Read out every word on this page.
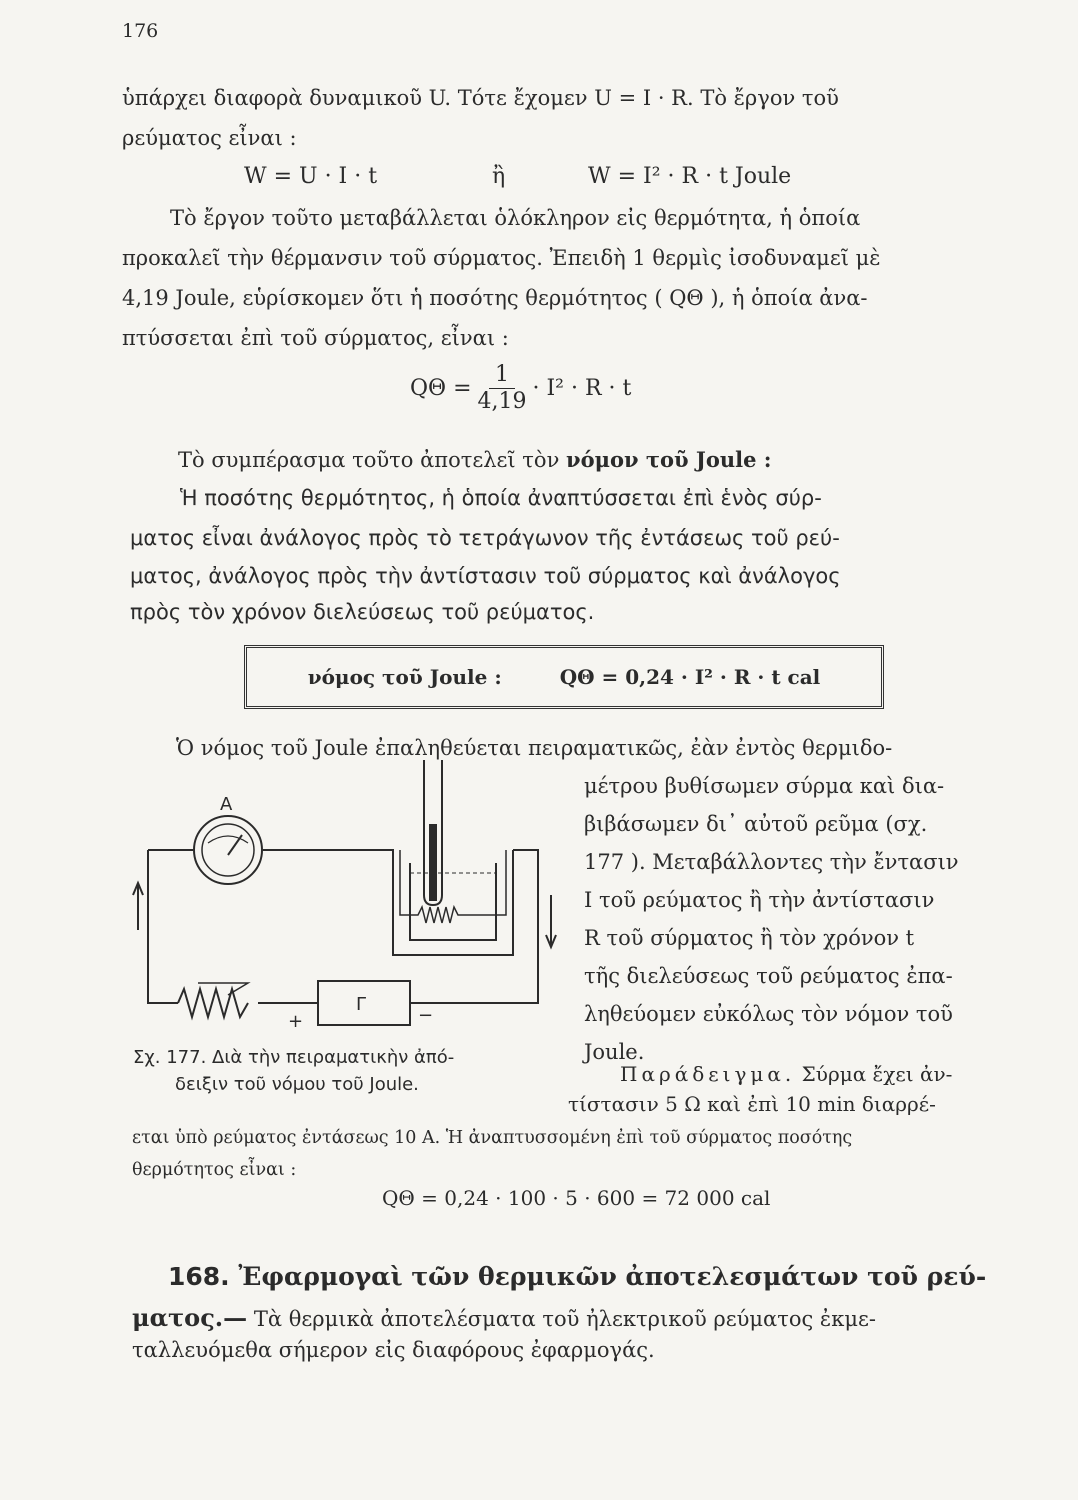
176
ὑπάρχει διαφορὰ δυναμικοῦ U. Τότε ἔχομεν U = I · R. Τὸ ἔργον τοῦ
ρεύματος εἶναι :
W = U · I · t	ἢ	W = I² · R · t Joule
Τὸ ἔργον τοῦτο μεταβάλλεται ὁλόκληρον εἰς θερμότητα, ἡ ὁποία
προκαλεῖ τὴν θέρμανσιν τοῦ σύρματος. Ἐπειδὴ 1 θερμὶς ἰσοδυναμεῖ μὲ
4,19 Joule, εὑρίσκομεν ὅτι ἡ ποσότης θερμότητος ( QΘ ), ἡ ὁποία ἀνα-
πτύσσεται ἐπὶ τοῦ σύρματος, εἶναι :
$Q\Theta = \frac{1}{4,19} \cdot I^2 \cdot R \cdot t$
Τὸ συμπέρασμα τοῦτο ἀποτελεῖ τὸν νόμον τοῦ Joule :
Ἡ ποσότης θερμότητος, ἡ ὁποία ἀναπτύσσεται ἐπὶ ἑνὸς σύρ-
ματος εἶναι ἀνάλογος πρὸς τὸ τετράγωνον τῆς ἐντάσεως τοῦ ρεύ-
ματος, ἀνάλογος πρὸς τὴν ἀντίστασιν τοῦ σύρματος καὶ ἀνάλογος
πρὸς τὸν χρόνον διελεύσεως τοῦ ρεύματος.
νόμος τοῦ Joule :	QΘ = 0,24 · I² · R · t cal
Ὁ νόμος τοῦ Joule ἐπαληθεύεται πειραματικῶς, ἐὰν ἐντὸς θερμιδο-
μέτρου βυθίσωμεν σύρμα καὶ δια-
βιβάσωμεν δι᾽ αὐτοῦ ρεῦμα (σχ.
177 ). Μεταβάλλοντες τὴν ἔντασιν
I τοῦ ρεύματος ἢ τὴν ἀντίστασιν
R τοῦ σύρματος ἢ τὸν χρόνον t
τῆς διελεύσεως τοῦ ρεύματος ἐπα-
ληθεύομεν εὐκόλως τὸν νόμον τοῦ
Joule.
A
Γ
+	−
Σχ. 177. Διὰ τὴν πειραματικὴν ἀπό-
δειξιν τοῦ νόμου τοῦ Joule.	Παράδειγμα. Σύρμα ἔχει ἀν-
τίστασιν 5 Ω καὶ ἐπὶ 10 min διαρρέ-
εται ὑπὸ ρεύματος ἐντάσεως 10 A. Ἡ ἀναπτυσσομένη ἐπὶ τοῦ σύρματος ποσότης
θερμότητος εἶναι :
QΘ = 0,24 · 100 · 5 · 600 = 72 000 cal
168. Ἐφαρμογαὶ τῶν θερμικῶν ἀποτελεσμάτων τοῦ ρεύ-
ματος.— Τὰ θερμικὰ ἀποτελέσματα τοῦ ἠλεκτρικοῦ ρεύματος ἐκμε-
ταλλευόμεθα σήμερον εἰς διαφόρους ἐφαρμογάς.
